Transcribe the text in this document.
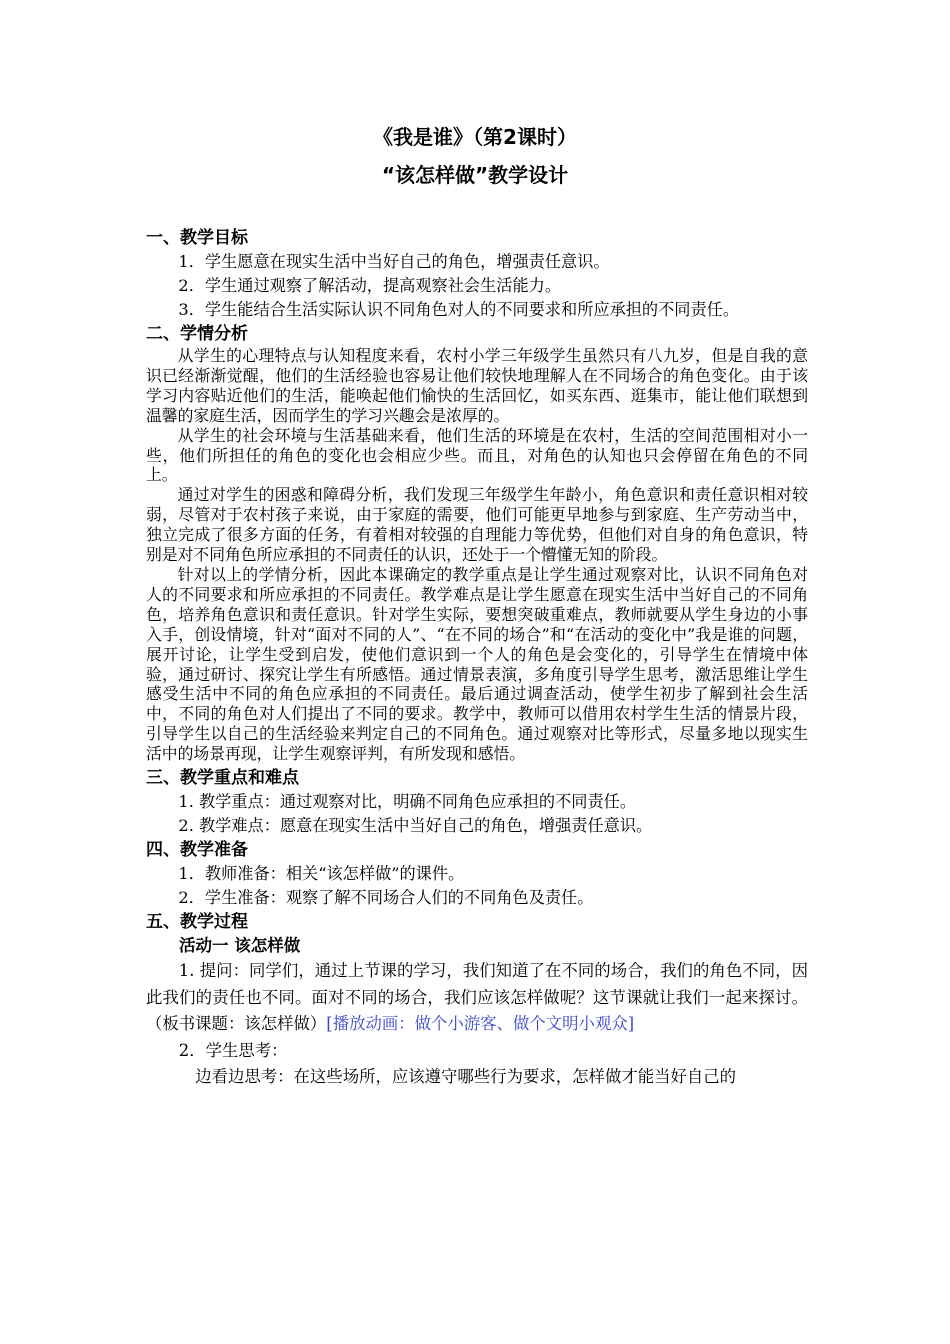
《我是谁》（第2课时）
“该怎样做”教学设计
一、教学目标
1．学生愿意在现实生活中当好自己的角色，增强责任意识。
2．学生通过观察了解活动，提高观察社会生活能力。
3．学生能结合生活实际认识不同角色对人的不同要求和所应承担的不同责任。
二、学情分析
从学生的心理特点与认知程度来看，农村小学三年级学生虽然只有八九岁，但是自我的意识已经渐渐觉醒，他们的生活经验也容易让他们较快地理解人在不同场合的角色变化。由于该学习内容贴近他们的生活，能唤起他们愉快的生活回忆，如买东西、逛集市，能让他们联想到温馨的家庭生活，因而学生的学习兴趣会是浓厚的。
从学生的社会环境与生活基础来看，他们生活的环境是在农村，生活的空间范围相对小一些，他们所担任的角色的变化也会相应少些。而且，对角色的认知也只会停留在角色的不同上。
通过对学生的困惑和障碍分析，我们发现三年级学生年龄小，角色意识和责任意识相对较弱，尽管对于农村孩子来说，由于家庭的需要，他们可能更早地参与到家庭、生产劳动当中，独立完成了很多方面的任务，有着相对较强的自理能力等优势，但他们对自身的角色意识，特别是对不同角色所应承担的不同责任的认识，还处于一个懵懂无知的阶段。
针对以上的学情分析，因此本课确定的教学重点是让学生通过观察对比，认识不同角色对人的不同要求和所应承担的不同责任。教学难点是让学生愿意在现实生活中当好自己的不同角色，培养角色意识和责任意识。针对学生实际，要想突破重难点，教师就要从学生身边的小事入手，创设情境，针对“面对不同的人”、“在不同的场合”和“在活动的变化中”我是谁的问题，展开讨论，让学生受到启发，使他们意识到一个人的角色是会变化的，引导学生在情境中体验，通过研讨、探究让学生有所感悟。通过情景表演，多角度引导学生思考，激活思维让学生感受生活中不同的角色应承担的不同责任。最后通过调查活动，使学生初步了解到社会生活中，不同的角色对人们提出了不同的要求。教学中，教师可以借用农村学生生活的情景片段，引导学生以自己的生活经验来判定自己的不同角色。通过观察对比等形式，尽量多地以现实生活中的场景再现，让学生观察评判，有所发现和感悟。
三、教学重点和难点
1. 教学重点：通过观察对比，明确不同角色应承担的不同责任。
2. 教学难点：愿意在现实生活中当好自己的角色，增强责任意识。
四、教学准备
1．教师准备：相关“该怎样做”的课件。
2．学生准备：观察了解不同场合人们的不同角色及责任。
五、教学过程
活动一 该怎样做
1. 提问：同学们，通过上节课的学习，我们知道了在不同的场合，我们的角色不同，因此我们的责任也不同。面对不同的场合，我们应该怎样做呢？这节课就让我们一起来探讨。（板书课题：该怎样做）[播放动画：做个小游客、做个文明小观众]
2．学生思考：
边看边思考：在这些场所，应该遵守哪些行为要求，怎样做才能当好自己的
